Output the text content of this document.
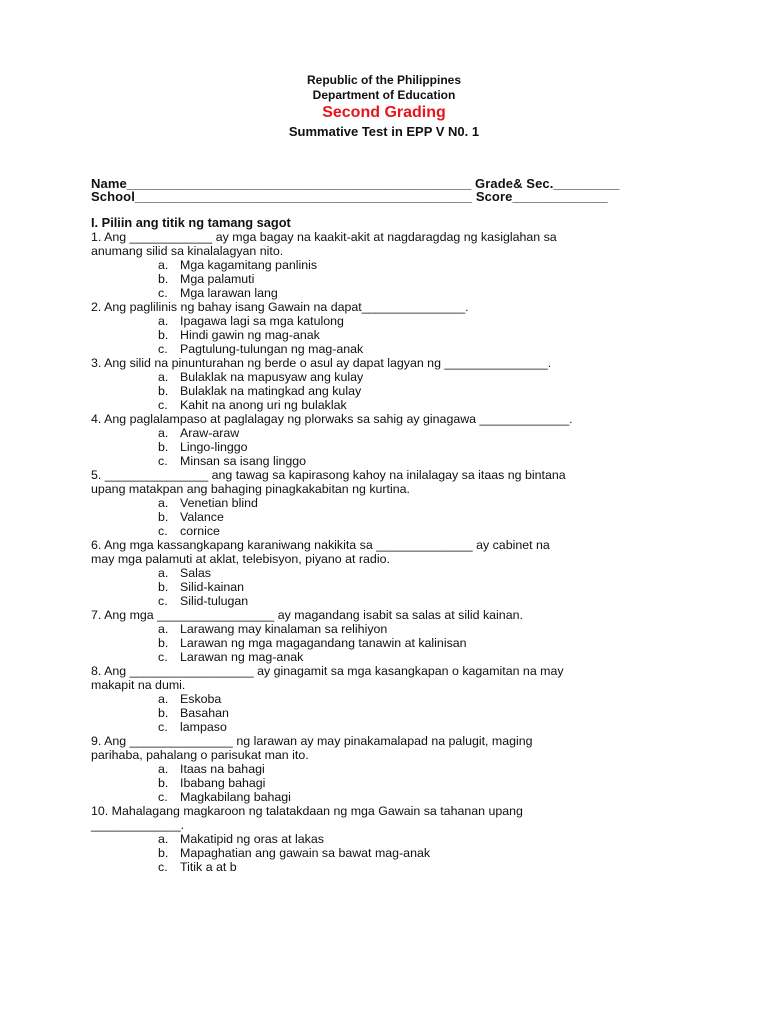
Republic of the Philippines
Department of Education
Second Grading
Summative Test in EPP V N0. 1
Name_______________________________________________ Grade& Sec._________
School______________________________________________ Score_____________
I. Piliin ang titik ng tamang sagot
1. Ang ____________ ay mga bagay na kaakit-akit at nagdaragdag ng kasiglahan sa
anumang silid sa kinalalagyan nito.
a. Mga kagamitang panlinis
b. Mga palamuti
c. Mga larawan lang
2. Ang paglilinis ng bahay isang Gawain na dapat_______________.
a. Ipagawa lagi sa mga katulong
b. Hindi gawin ng mag-anak
c. Pagtulung-tulungan ng mag-anak
3. Ang silid na pinunturahan ng berde o asul ay dapat lagyan ng _______________.
a. Bulaklak na mapusyaw ang kulay
b. Bulaklak na matingkad ang kulay
c. Kahit na anong uri ng bulaklak
4. Ang paglalampaso at paglalagay ng plorwaks sa sahig ay ginagawa _____________.
a. Araw-araw
b. Lingo-linggo
c. Minsan sa isang linggo
5. _______________ ang tawag sa kapirasong kahoy na inilalagay sa itaas ng bintana
upang matakpan ang bahaging pinagkakabitan ng kurtina.
a. Venetian blind
b. Valance
c. cornice
6. Ang mga kassangkapang karaniwang nakikita sa ______________ ay cabinet na
may mga palamuti at aklat, telebisyon, piyano at radio.
a. Salas
b. Silid-kainan
c. Silid-tulugan
7. Ang mga _________________ ay magandang isabit sa salas at silid kainan.
a. Larawang may kinalaman sa relihiyon
b. Larawan ng mga magagandang tanawin at kalinisan
c. Larawan ng mag-anak
8. Ang __________________ ay ginagamit sa mga kasangkapan o kagamitan na may
makapit na dumi.
a. Eskoba
b. Basahan
c. lampaso
9. Ang _______________ ng larawan ay may pinakamalapad na palugit, maging
parihaba, pahalang o parisukat man ito.
a. Itaas na bahagi
b. Ibabang bahagi
c. Magkabilang bahagi
10. Mahalagang magkaroon ng talatakdaan ng mga Gawain sa tahanan upang
_____________.
a. Makatipid ng oras at lakas
b. Mapaghatian ang gawain sa bawat mag-anak
c. Titik a at b
